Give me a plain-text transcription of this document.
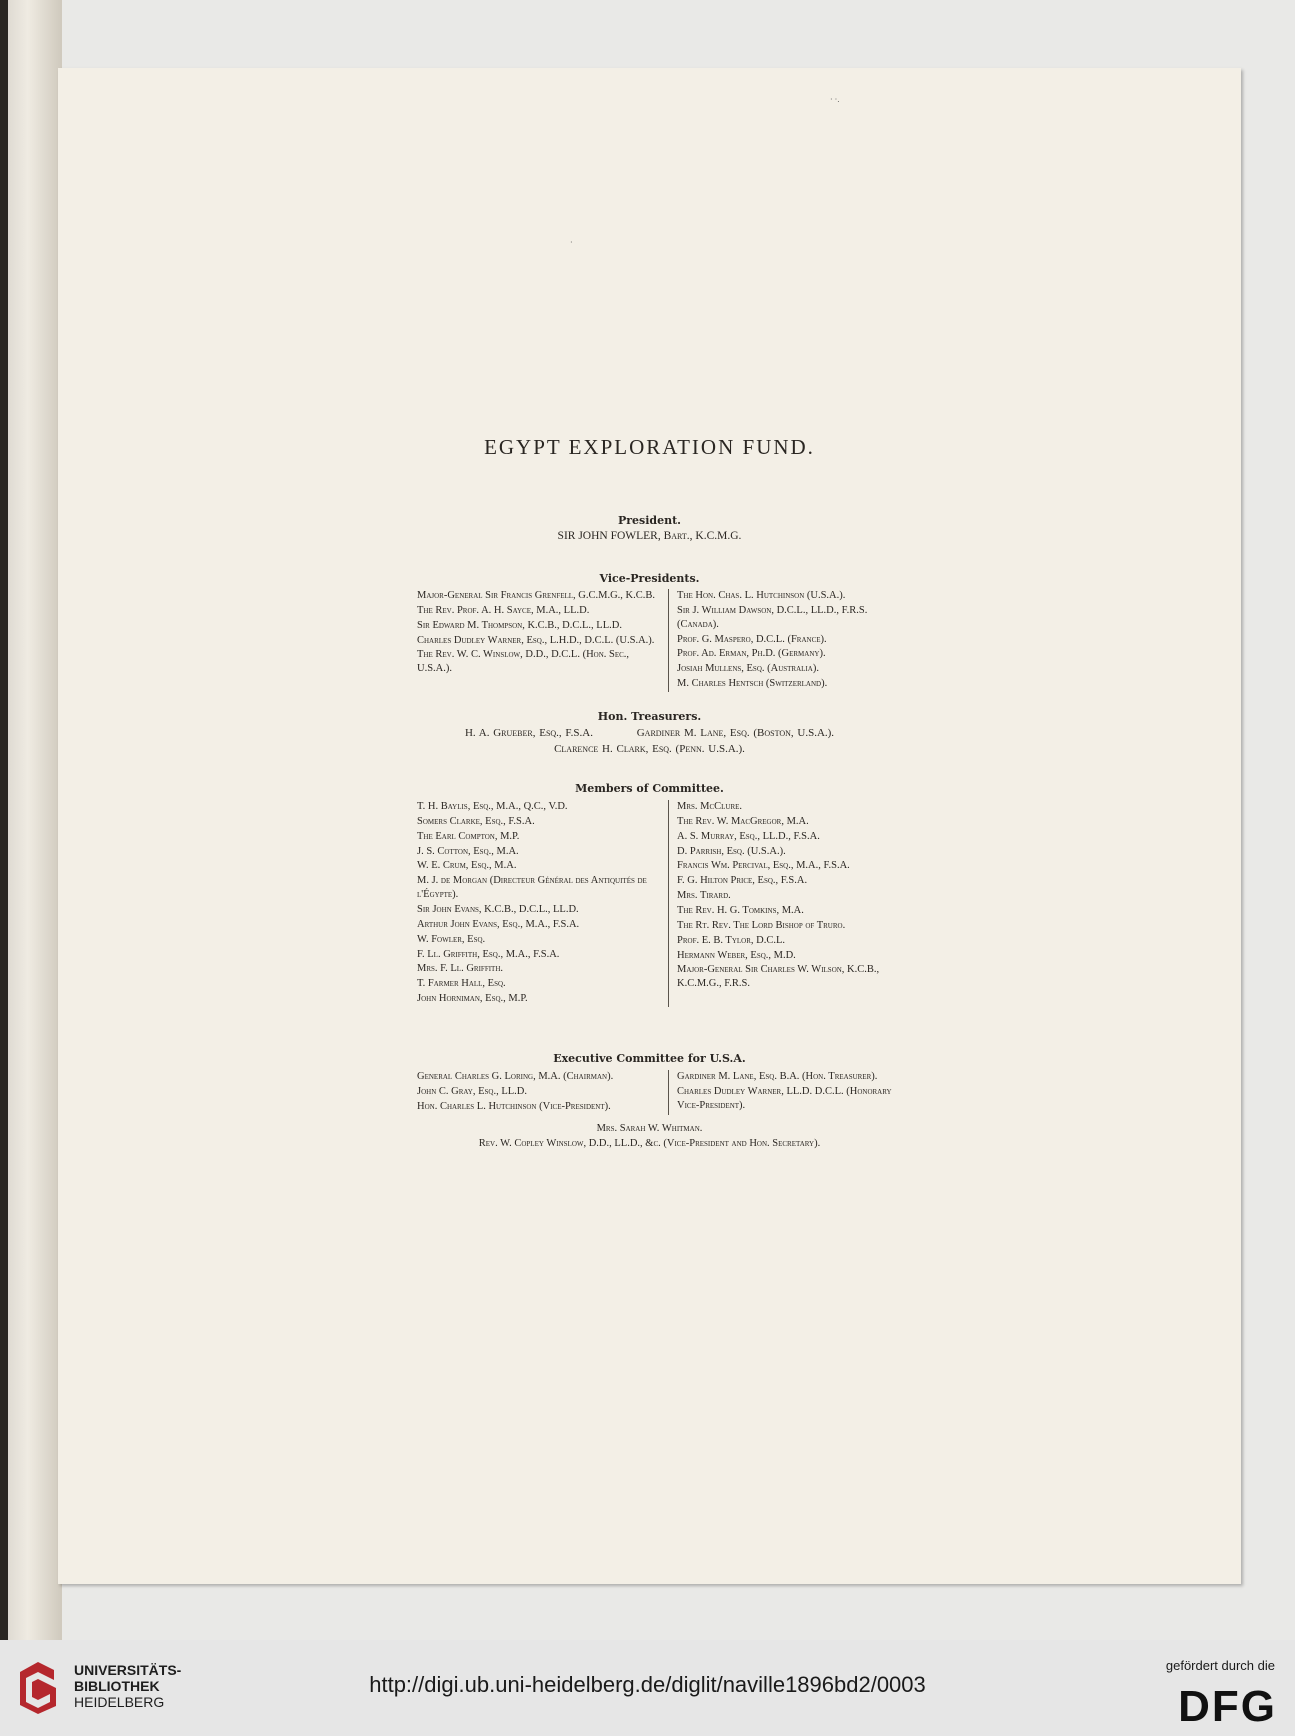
EGYPT EXPLORATION FUND.
President.
SIR JOHN FOWLER, Bart., K.C.M.G.
Vice-Presidents.
Major-General Sir Francis Grenfell, G.C.M.G., K.C.B.
The Rev. Prof. A. H. Sayce, M.A., LL.D.
Sir Edward M. Thompson, K.C.B., D.C.L., LL.D.
Charles Dudley Warner, Esq., L.H.D., D.C.L. (U.S.A.).
The Rev. W. C. Winslow, D.D., D.C.L. (Hon. Sec., U.S.A.).
The Hon. Chas. L. Hutchinson (U.S.A.).
Sir J. William Dawson, D.C.L., LL.D., F.R.S. (Canada).
Prof. G. Maspero, D.C.L. (France).
Prof. Ad. Erman, Ph.D. (Germany).
Josiah Mullens, Esq. (Australia).
M. Charles Hentsch (Switzerland).
Hon. Treasurers.
H. A. Grueber, Esq., F.S.A.	Gardiner M. Lane, Esq. (Boston, U.S.A.).
Clarence H. Clark, Esq. (Penn. U.S.A.).
Members of Committee.
T. H. Baylis, Esq., M.A., Q.C., V.D.
Somers Clarke, Esq., F.S.A.
The Earl Compton, M.P.
J. S. Cotton, Esq., M.A.
W. E. Crum, Esq., M.A.
M. J. de Morgan (Directeur Général des Antiquités de l'Égypte).
Sir John Evans, K.C.B., D.C.L., LL.D.
Arthur John Evans, Esq., M.A., F.S.A.
W. Fowler, Esq.
F. Ll. Griffith, Esq., M.A., F.S.A.
Mrs. F. Ll. Griffith.
T. Farmer Hall, Esq.
John Horniman, Esq., M.P.
Mrs. McClure.
The Rev. W. MacGregor, M.A.
A. S. Murray, Esq., LL.D., F.S.A.
D. Parrish, Esq. (U.S.A.).
Francis Wm. Percival, Esq., M.A., F.S.A.
F. G. Hilton Price, Esq., F.S.A.
Mrs. Tirard.
The Rev. H. G. Tomkins, M.A.
The Rt. Rev. The Lord Bishop of Truro.
Prof. E. B. Tylor, D.C.L.
Hermann Weber, Esq., M.D.
Major-General Sir Charles W. Wilson, K.C.B., K.C.M.G., F.R.S.
Executive Committee for U.S.A.
General Charles G. Loring, M.A. (Chairman).
John C. Gray, Esq., LL.D.
Hon. Charles L. Hutchinson (Vice-President).
Gardiner M. Lane, Esq. B.A. (Hon. Treasurer).
Charles Dudley Warner, LL.D. D.C.L. (Honorary Vice-President).
Mrs. Sarah W. Whitman.
Rev. W. Copley Winslow, D.D., LL.D., &c. (Vice-President and Hon. Secretary).
· ·.
·
UNIVERSITÄTS-
BIBLIOTHEK
HEIDELBERG
http://digi.ub.uni-heidelberg.de/diglit/naville1896bd2/0003
gefördert durch die
DFG
